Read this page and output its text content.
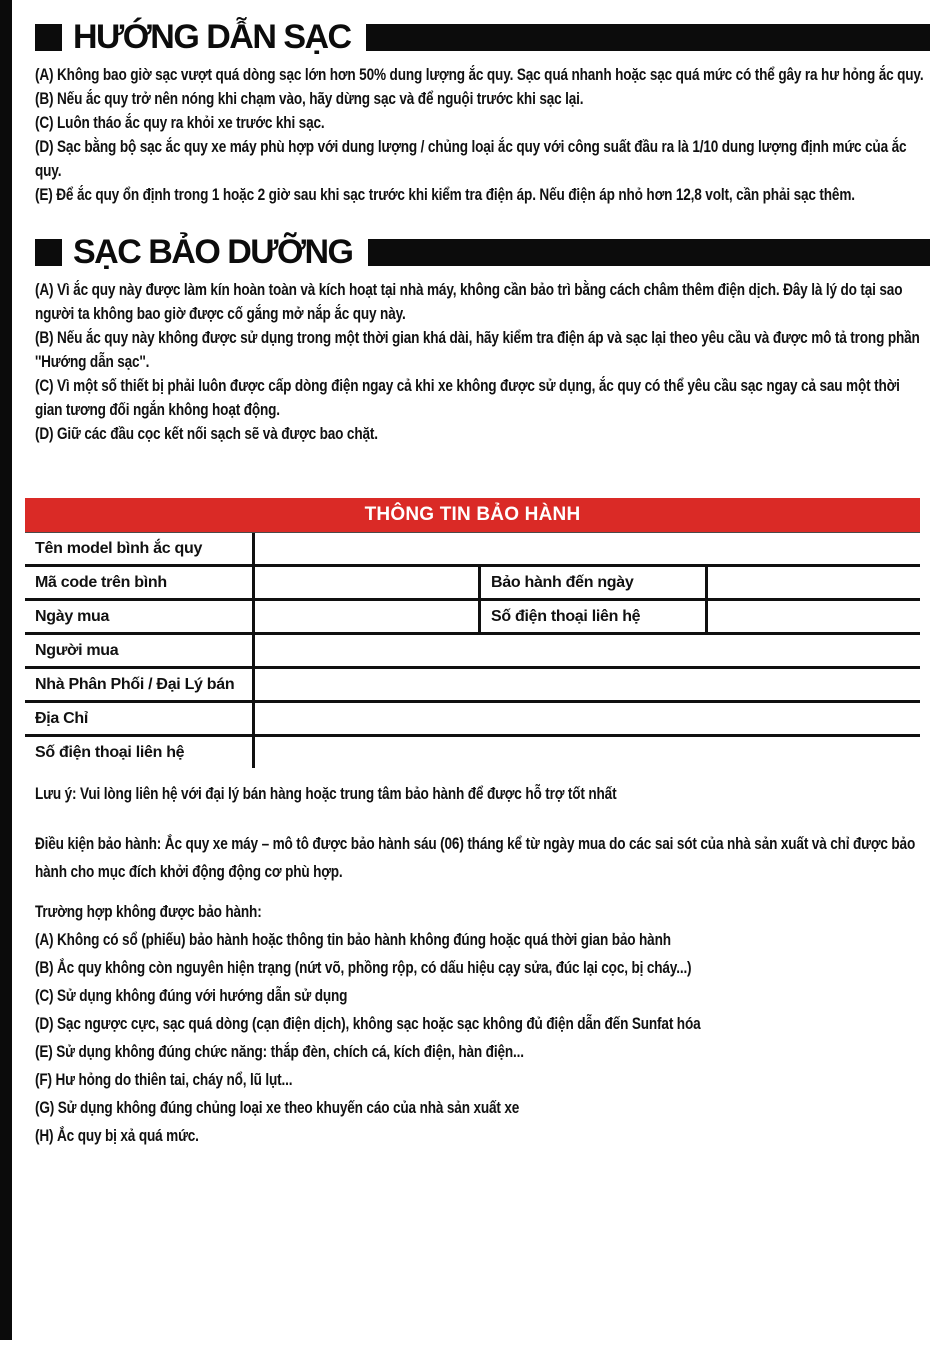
HƯỚNG DẪN SẠC

(A) Không bao giờ sạc vượt quá dòng sạc lớn hơn 50% dung lượng ắc quy. Sạc quá nhanh hoặc sạc quá mức có thể gây ra hư hỏng ắc quy.

(B) Nếu ắc quy trở nên nóng khi chạm vào, hãy dừng sạc và để nguội trước khi sạc lại.

(C) Luôn tháo ắc quy ra khỏi xe trước khi sạc.

(D) Sạc bằng bộ sạc ắc quy xe máy phù hợp với dung lượng / chủng loại ắc quy với công suất đầu ra là 1/10 dung lượng định mức của ắc quy.

(E) Để ắc quy ổn định trong 1 hoặc 2 giờ sau khi sạc trước khi kiểm tra điện áp. Nếu điện áp nhỏ hơn 12,8 volt, cần phải sạc thêm.

SẠC BẢO DƯỠNG

(A) Vì ắc quy này được làm kín hoàn toàn và kích hoạt tại nhà máy, không cần bảo trì bằng cách châm thêm điện dịch. Đây là lý do tại sao người ta không bao giờ được cố gắng mở nắp ắc quy này.

(B) Nếu ắc quy này không được sử dụng trong một thời gian khá dài, hãy kiểm tra điện áp và sạc lại theo yêu cầu và được mô tả trong phần ''Hướng dẫn sạc''.

(C) Vì một số thiết bị phải luôn được cấp dòng điện ngay cả khi xe không được sử dụng, ắc quy có thể yêu cầu sạc ngay cả sau một thời gian tương đối ngắn không hoạt động.

(D) Giữ các đầu cọc kết nối sạch sẽ và được bao chặt.

THÔNG TIN BẢO HÀNH
Tên model bình ắc quy
Mã code trên bình	Bảo hành đến ngày
Ngày mua	Số điện thoại liên hệ
Người mua
Nhà Phân Phối / Đại Lý bán
Địa Chỉ
Số điện thoại liên hệ

Lưu ý: Vui lòng liên hệ với đại lý bán hàng hoặc trung tâm bảo hành để được hỗ trợ tốt nhất

Điều kiện bảo hành: Ắc quy xe máy – mô tô được bảo hành sáu (06) tháng kể từ ngày mua do các sai sót của nhà sản xuất và chỉ được bảo hành cho mục đích khởi động động cơ phù hợp.

Trường hợp không được bảo hành:

(A) Không có sổ (phiếu) bảo hành hoặc thông tin bảo hành không đúng hoặc quá thời gian bảo hành

(B) Ắc quy không còn nguyên hiện trạng (nứt võ, phồng rộp, có dấu hiệu cạy sửa, đúc lại cọc, bị cháy...)

(C) Sử dụng không đúng với hướng dẫn sử dụng

(D) Sạc ngược cực, sạc quá dòng (cạn điện dịch), không sạc hoặc sạc không đủ điện dẫn đến Sunfat hóa

(E) Sử dụng không đúng chức năng: thắp đèn, chích cá, kích điện, hàn điện...

(F) Hư hỏng do thiên tai, cháy nổ, lũ lụt...

(G) Sử dụng không đúng chủng loại xe theo khuyến cáo của nhà sản xuất xe

(H) Ắc quy bị xả quá mức.
